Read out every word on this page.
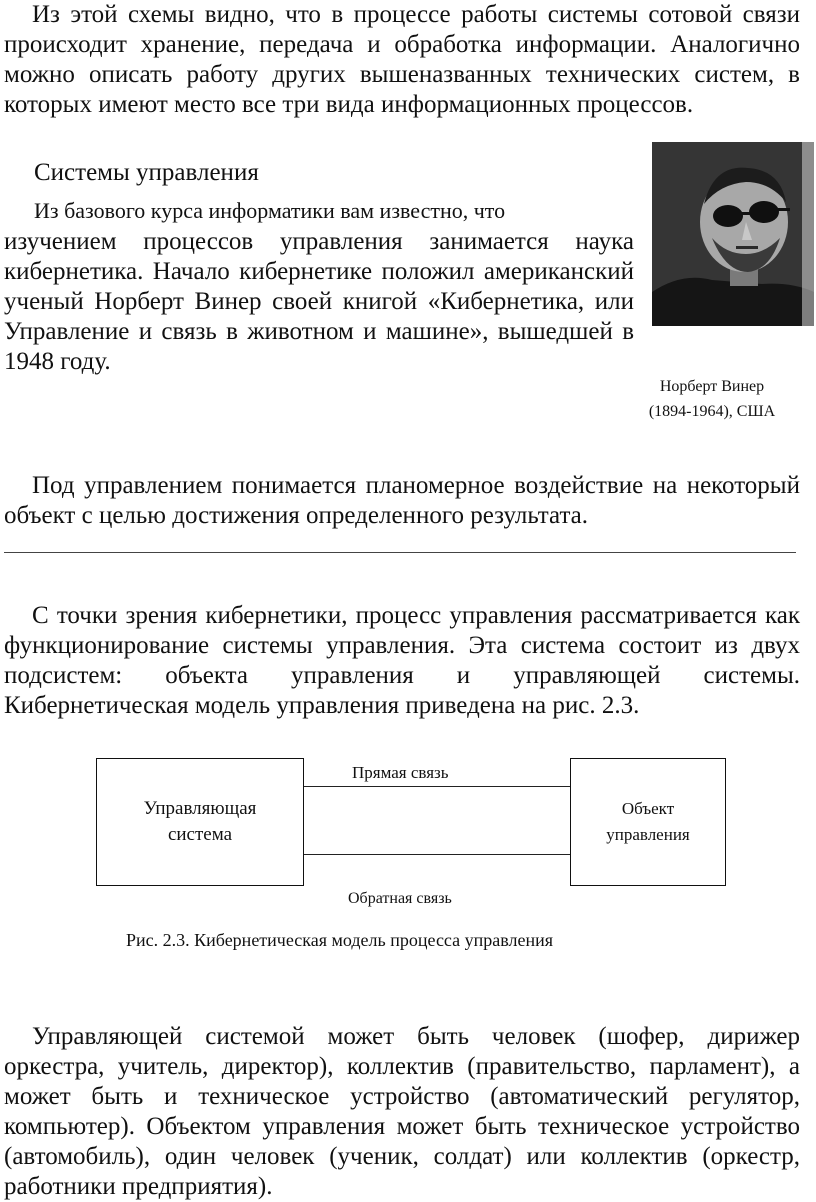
Из этой схемы видно, что в процессе работы системы сотовой связи происходит хранение, передача и обработка информации. Аналогично можно описать работу других вышеназванных технических систем, в которых имеют место все три вида информационных процессов.

Системы управления

Из базового курса информатики вам известно, что

изучением процессов управления занимается наука кибернетика. Начало кибернетике положил американский ученый Норберт Винер своей книгой «Кибернетика, или Управление и связь в животном и машине», вышедшей в 1948 году.

Норберт Винер
(1894-1964), США

Под управлением понимается планомерное воздействие на некоторый объект с целью достижения определенного результата.

С точки зрения кибернетики, процесс управления рассматривается как функционирование системы управления. Эта система состоит из двух подсистем: объекта управления и управляющей системы. Кибернетическая модель управления приведена на рис. 2.3.

Управляющая
система
Прямая связь
Обратная связь
Объект
управления

Рис. 2.3. Кибернетическая модель процесса управления

Управляющей системой может быть человек (шофер, дирижер оркестра, учитель, директор), коллектив (правительство, парламент), а может быть и техническое устройство (автоматический регулятор, компьютер). Объектом управления может быть техническое устройство (автомобиль), один человек (ученик, солдат) или коллектив (оркестр, работники предприятия).
